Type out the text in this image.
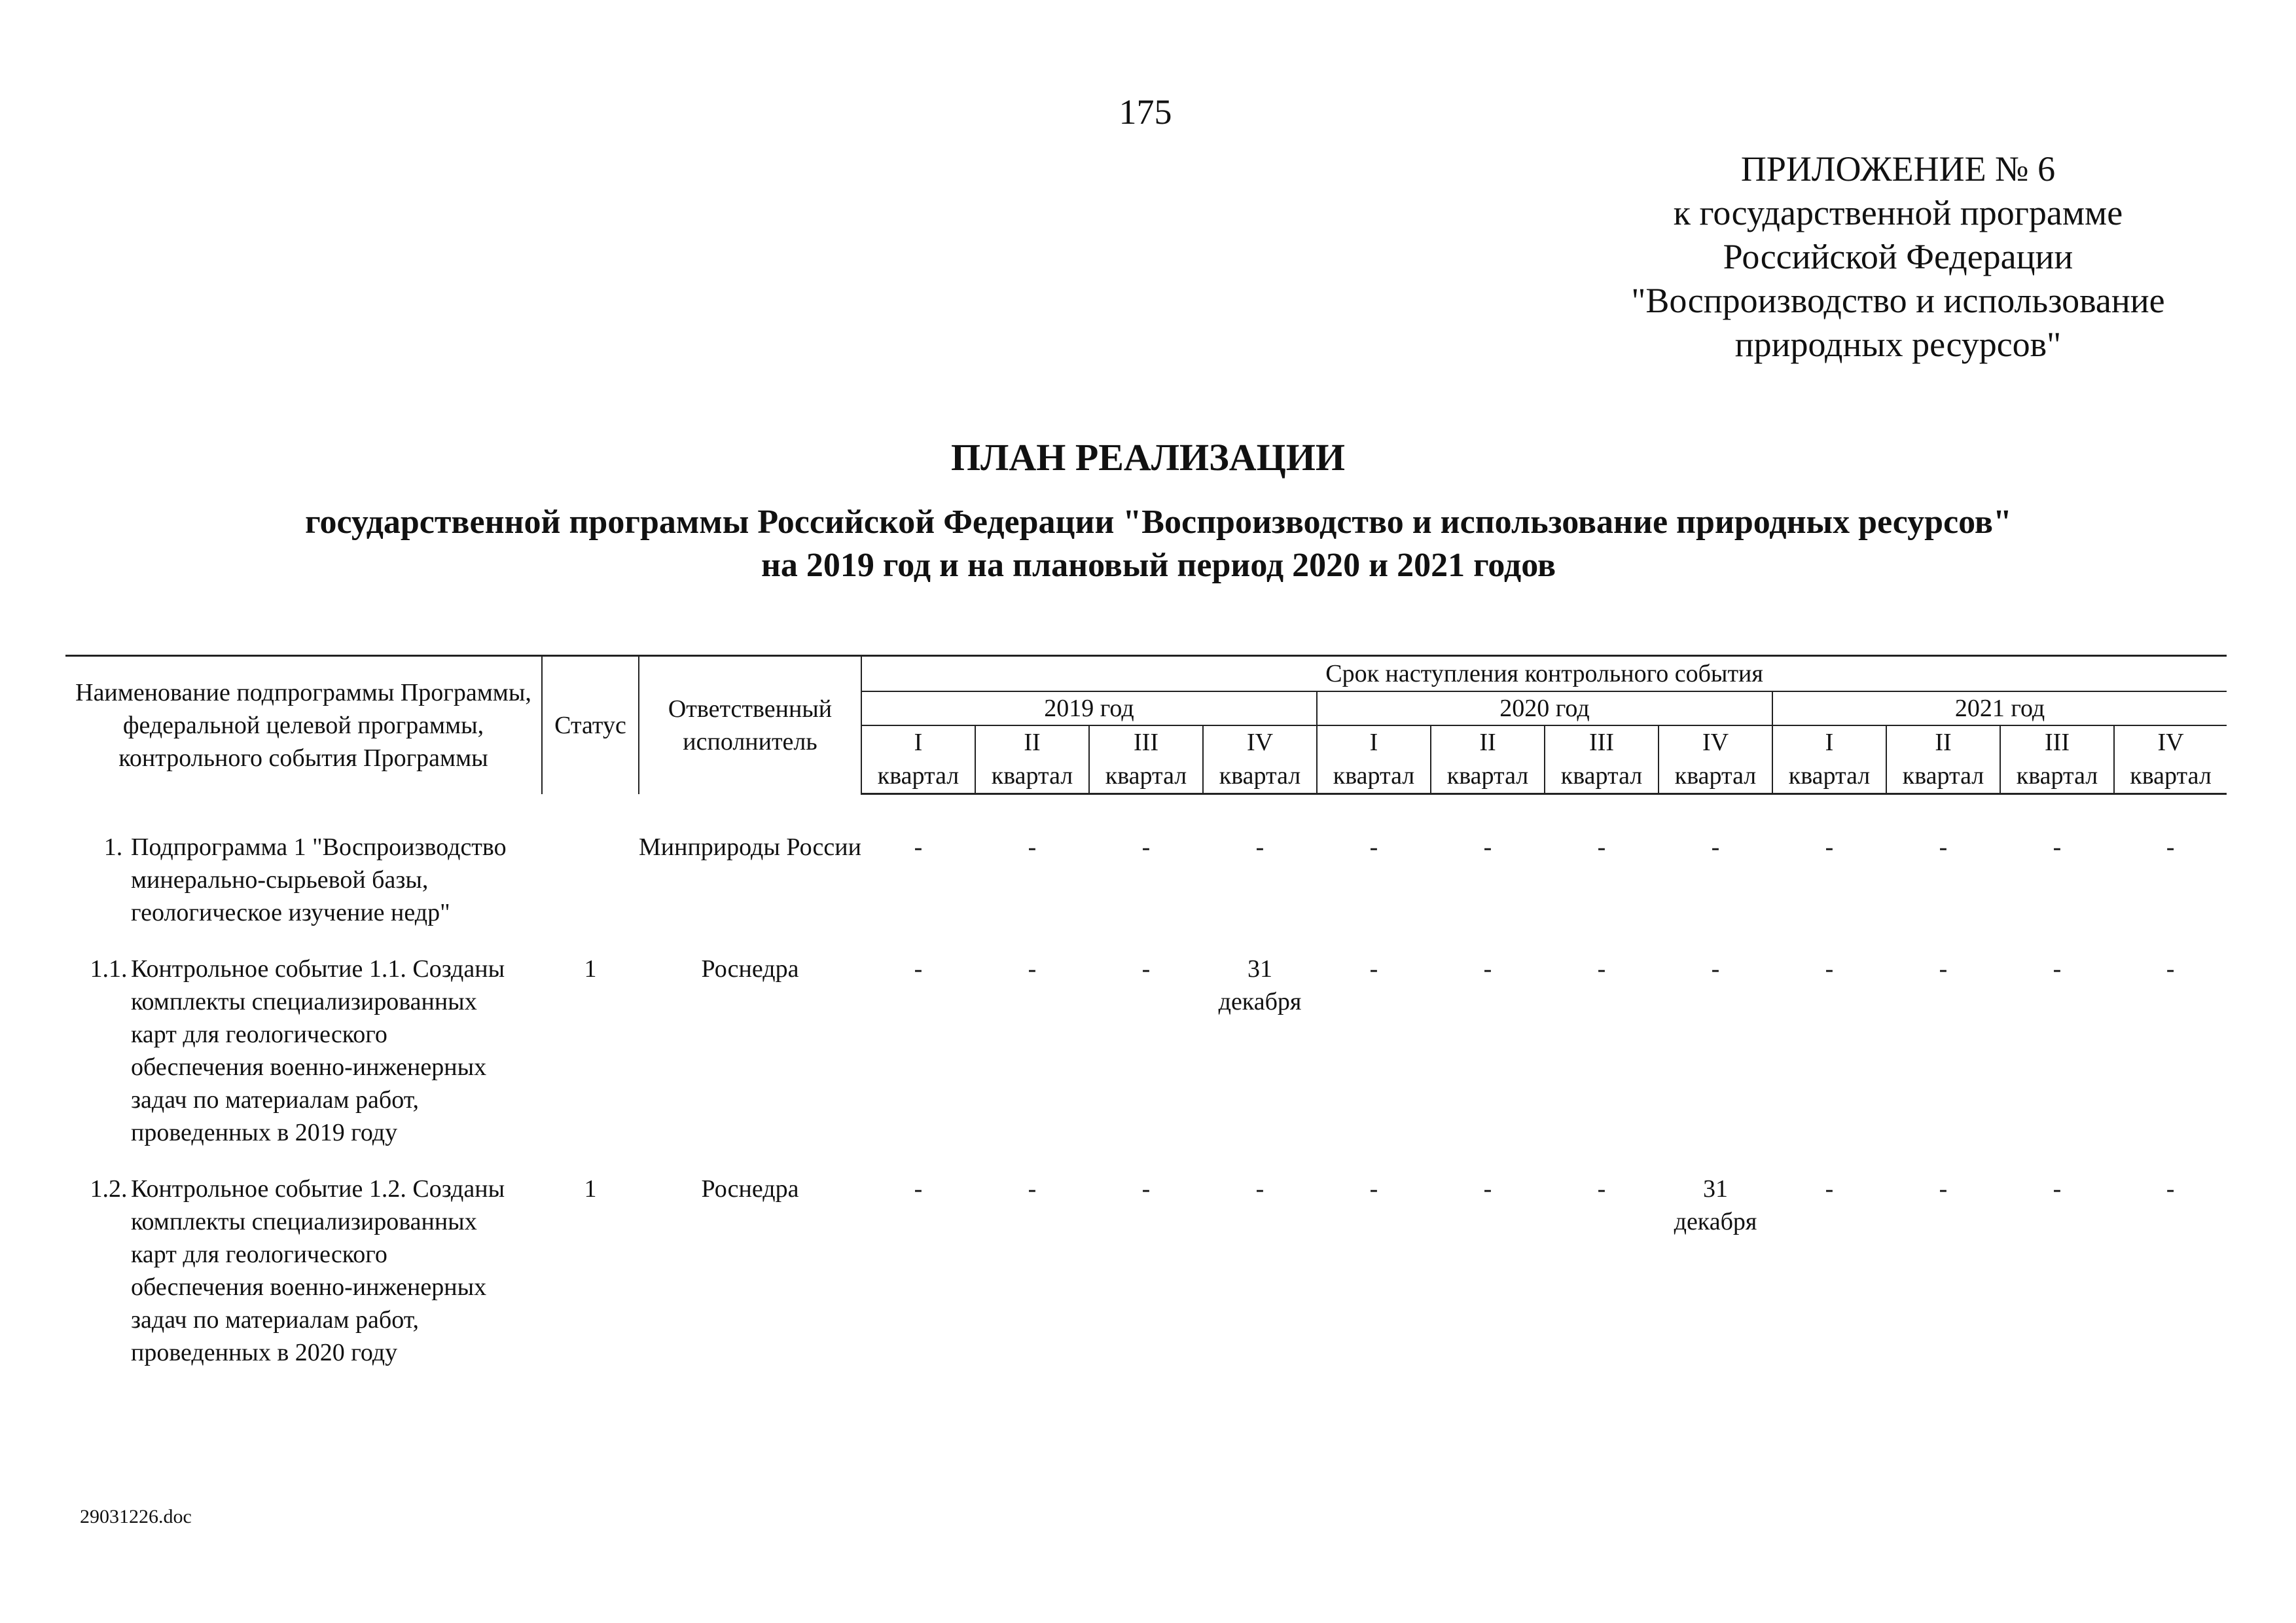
175
ПРИЛОЖЕНИЕ № 6
к государственной программе
Российской Федерации
"Воспроизводство и использование
природных ресурсов"
ПЛАН РЕАЛИЗАЦИИ
государственной программы Российской Федерации "Воспроизводство и использование природных ресурсов"
на 2019 год и на плановый период 2020 и 2021 годов
Наименование подпрограммы Программы, федеральной целевой программы, контрольного события Программы	Статус	Ответственный исполнитель	Срок наступления контрольного события											
			2019 год				2020 год				2021 год			
			I	II	III	IV	I	II	III	IV	I	II	III	IV
			квартал	квартал	квартал	квартал	квартал	квартал	квартал	квартал	квартал	квартал	квартал	квартал

1. Подпрограмма 1 "Воспроизводство минерально-сырьевой базы, геологическое изучение недр"		Минприроды России	-	-	-	-	-	-	-	-	-	-	-	-

1.1. Контрольное событие 1.1. Созданы комплекты специализированных карт для геологического обеспечения военно-инженерных задач по материалам работ, проведенных в 2019 году	1	Роснедра	-	-	-	31 декабря	-	-	-	-	-	-	-	-

1.2. Контрольное событие 1.2. Созданы комплекты специализированных карт для геологического обеспечения военно-инженерных задач по материалам работ, проведенных в 2020 году	1	Роснедра	-	-	-	-	-	-	-	31 декабря	-	-	-	-
29031226.doc
